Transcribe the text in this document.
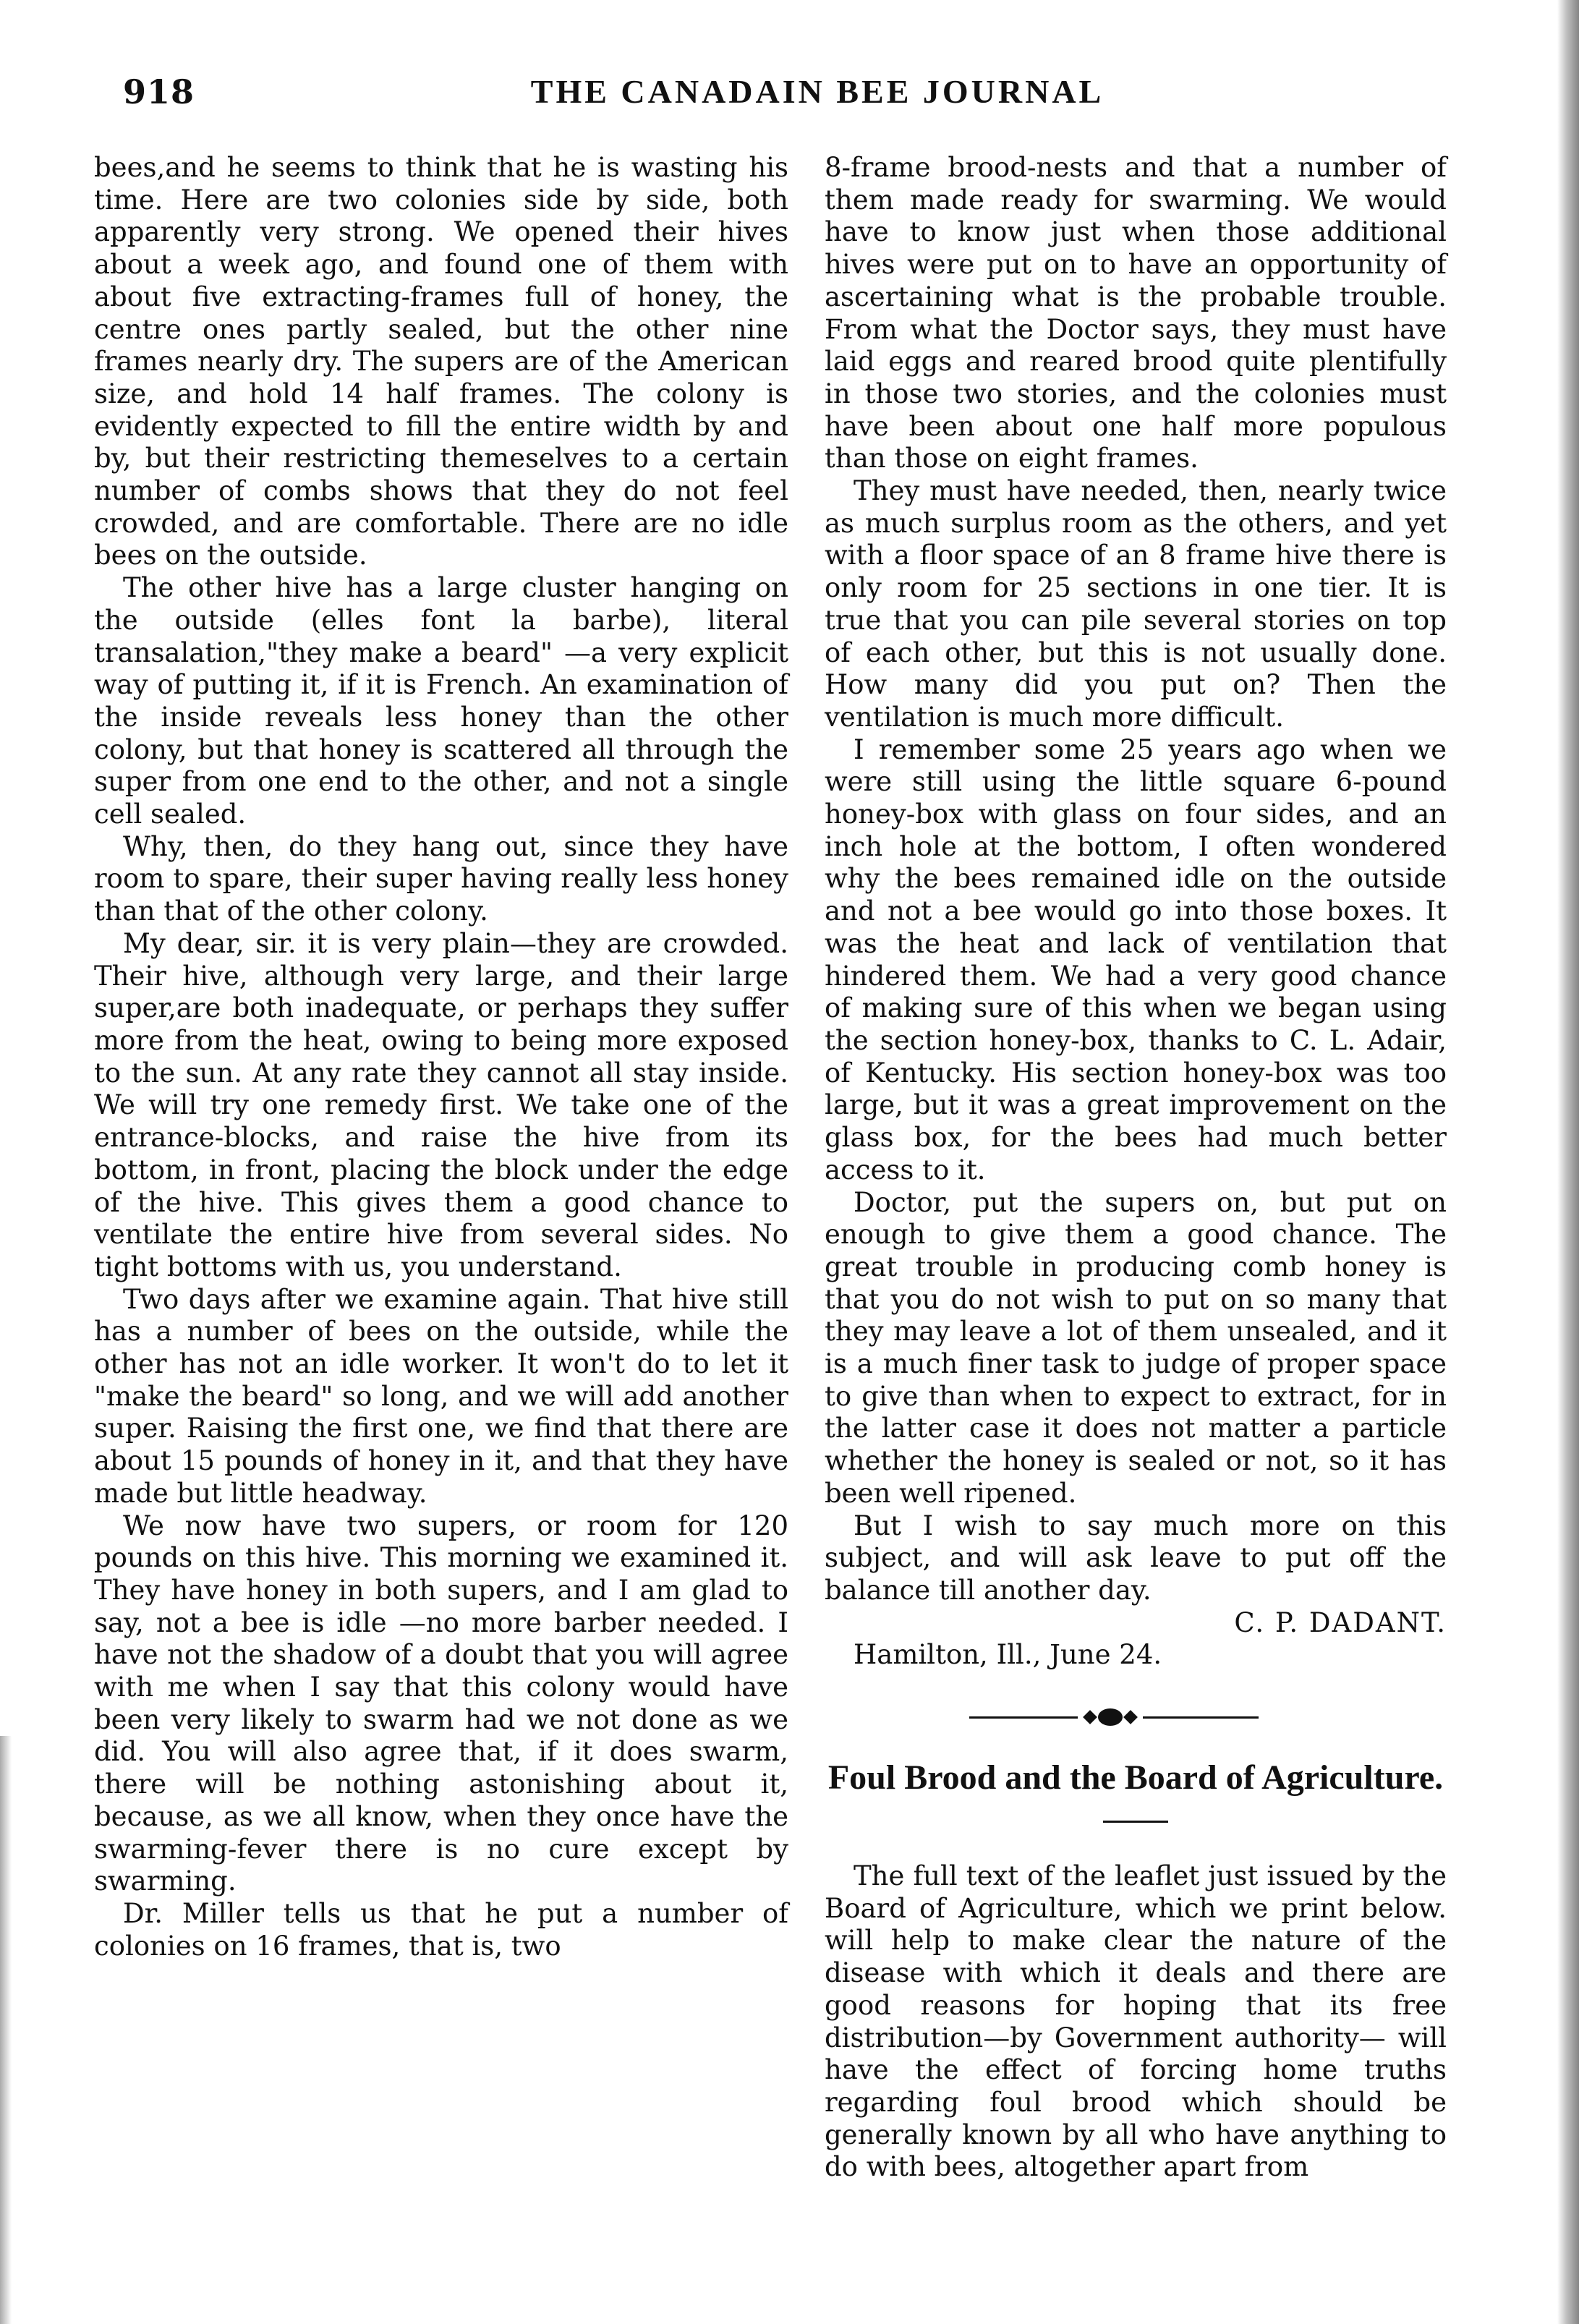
918	THE CANADAIN BEE JOURNAL

bees,and he seems to think that he is wasting his time. Here are two colonies side by side, both apparently very strong. We opened their hives about a week ago, and found one of them with about five extracting-frames full of honey, the centre ones partly sealed, but the other nine frames nearly dry. The supers are of the American size, and hold 14 half frames. The colony is evidently expected to fill the entire width by and by, but their restricting themeselves to a certain number of combs shows that they do not feel crowded, and are comfortable. There are no idle bees on the outside.

The other hive has a large cluster hanging on the outside (elles font la barbe), literal transalation,"they make a beard" —a very explicit way of putting it, if it is French. An examination of the inside reveals less honey than the other colony, but that honey is scattered all through the super from one end to the other, and not a single cell sealed.

Why, then, do they hang out, since they have room to spare, their super having really less honey than that of the other colony.

My dear, sir. it is very plain—they are crowded. Their hive, although very large, and their large super,are both inadequate, or perhaps they suffer more from the heat, owing to being more exposed to the sun. At any rate they cannot all stay inside. We will try one remedy first. We take one of the entrance-blocks, and raise the hive from its bottom, in front, placing the block under the edge of the hive. This gives them a good chance to ventilate the entire hive from several sides. No tight bottoms with us, you understand.

Two days after we examine again. That hive still has a number of bees on the outside, while the other has not an idle worker. It won't do to let it "make the beard" so long, and we will add another super. Raising the first one, we find that there are about 15 pounds of honey in it, and that they have made but little headway.

We now have two supers, or room for 120 pounds on this hive. This morning we examined it. They have honey in both supers, and I am glad to say, not a bee is idle —no more barber needed. I have not the shadow of a doubt that you will agree with me when I say that this colony would have been very likely to swarm had we not done as we did. You will also agree that, if it does swarm, there will be nothing astonishing about it, because, as we all know, when they once have the swarming-fever there is no cure except by swarming.

Dr. Miller tells us that he put a number of colonies on 16 frames, that is, two

8-frame brood-nests and that a number of them made ready for swarming. We would have to know just when those additional hives were put on to have an opportunity of ascertaining what is the probable trouble. From what the Doctor says, they must have laid eggs and reared brood quite plentifully in those two stories, and the colonies must have been about one half more populous than those on eight frames.

They must have needed, then, nearly twice as much surplus room as the others, and yet with a floor space of an 8 frame hive there is only room for 25 sections in one tier. It is true that you can pile several stories on top of each other, but this is not usually done. How many did you put on? Then the ventilation is much more difficult.

I remember some 25 years ago when we were still using the little square 6-pound honey-box with glass on four sides, and an inch hole at the bottom, I often wondered why the bees remained idle on the outside and not a bee would go into those boxes. It was the heat and lack of ventilation that hindered them. We had a very good chance of making sure of this when we began using the section honey-box, thanks to C. L. Adair, of Kentucky. His section honey-box was too large, but it was a great improvement on the glass box, for the bees had much better access to it.

Doctor, put the supers on, but put on enough to give them a good chance. The great trouble in producing comb honey is that you do not wish to put on so many that they may leave a lot of them unsealed, and it is a much finer task to judge of proper space to give than when to expect to extract, for in the latter case it does not matter a particle whether the honey is sealed or not, so it has been well ripened.

But I wish to say much more on this subject, and will ask leave to put off the balance till another day.

C. P. DADANT.

Hamilton, Ill., June 24.

Foul Brood and the Board of Agriculture.

The full text of the leaflet just issued by the Board of Agriculture, which we print below. will help to make clear the nature of the disease with which it deals and there are good reasons for hoping that its free distribution—by Government authority— will have the effect of forcing home truths regarding foul brood which should be generally known by all who have anything to do with bees, altogether apart from
